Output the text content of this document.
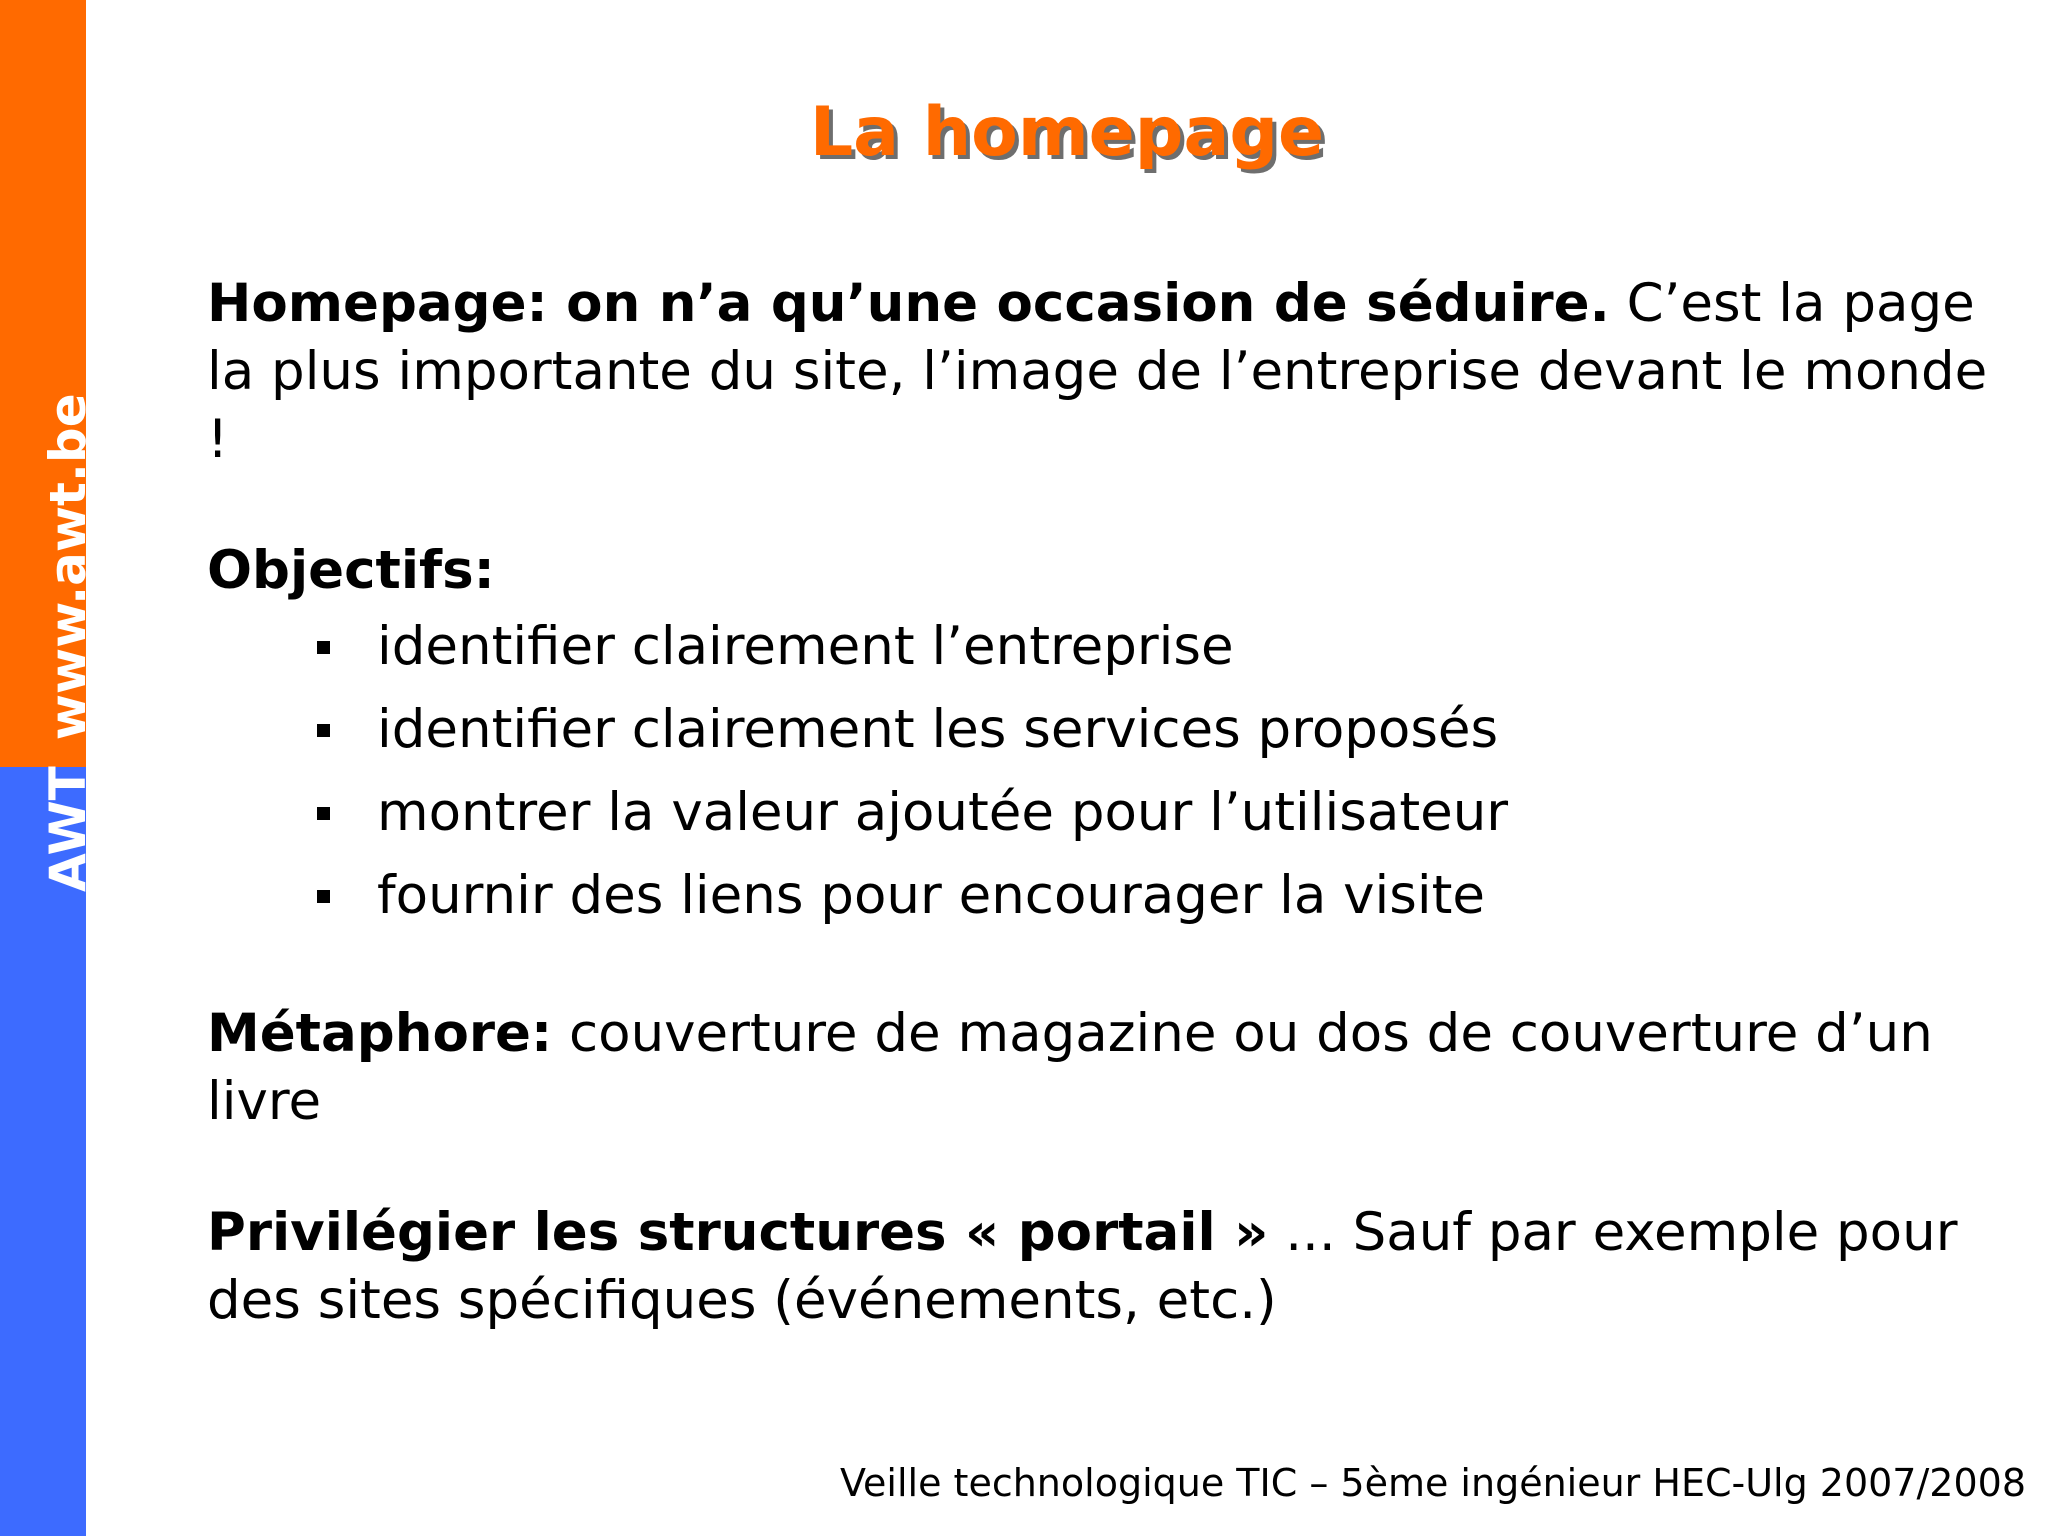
AWTwww.awt.be
La homepage

Homepage: on n’a qu’une occasion de séduire. C’est la page la plus importante du site, l’image de l’entreprise devant le monde !

Objectifs:

identifier clairement l’entreprise
identifier clairement les services proposés
montrer la valeur ajoutée pour l’utilisateur
fournir des liens pour encourager la visite

Métaphore: couverture de magazine ou dos de couverture d’un livre

Privilégier les structures « portail » ... Sauf par exemple pour des sites spécifiques (événements, etc.)

Veille technologique TIC – 5ème ingénieur HEC-Ulg 2007/2008
